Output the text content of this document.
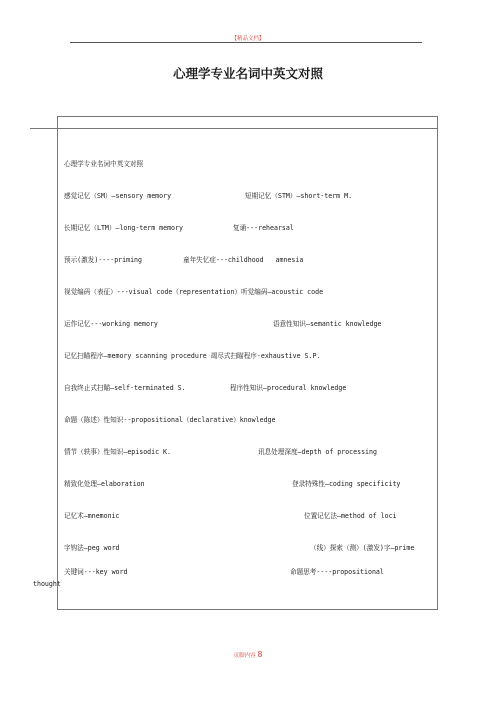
【精品文档】
心理学专业名词中英文对照
心理学专业名词中英文对照
感觉记忆（SM）—sensory memory	短期记忆（STM）—short-term M.
长期记忆（LTM）—long-term memory	复诵---rehearsal
预示(激发)----priming	童年失忆症---childhood   amnesia
视觉编码（表征）---visual code（representation）听觉编码—acoustic code
运作记忆---working memory	语意性知识—semantic knowledge
记忆扫瞄程序—memory scanning procedure 竭尽式扫瞄程序-exhaustive S.P.
自我终止式扫瞄—self-terminated S.	程序性知识—procedural knowledge
命题（陈述）性知识--propositional（declarative）knowledge
情节（轶事）性知识—episodic K.	讯息处理深度—depth of processing
精致化处理—elaboration	登录特殊性—coding specificity
记忆术—mnemonic	位置记忆法—method of loci
字钩法—peg word	（线）探索（测）(激发)字—prime
关键词---key word	命题思考----propositional
thought
页脚内容 8
